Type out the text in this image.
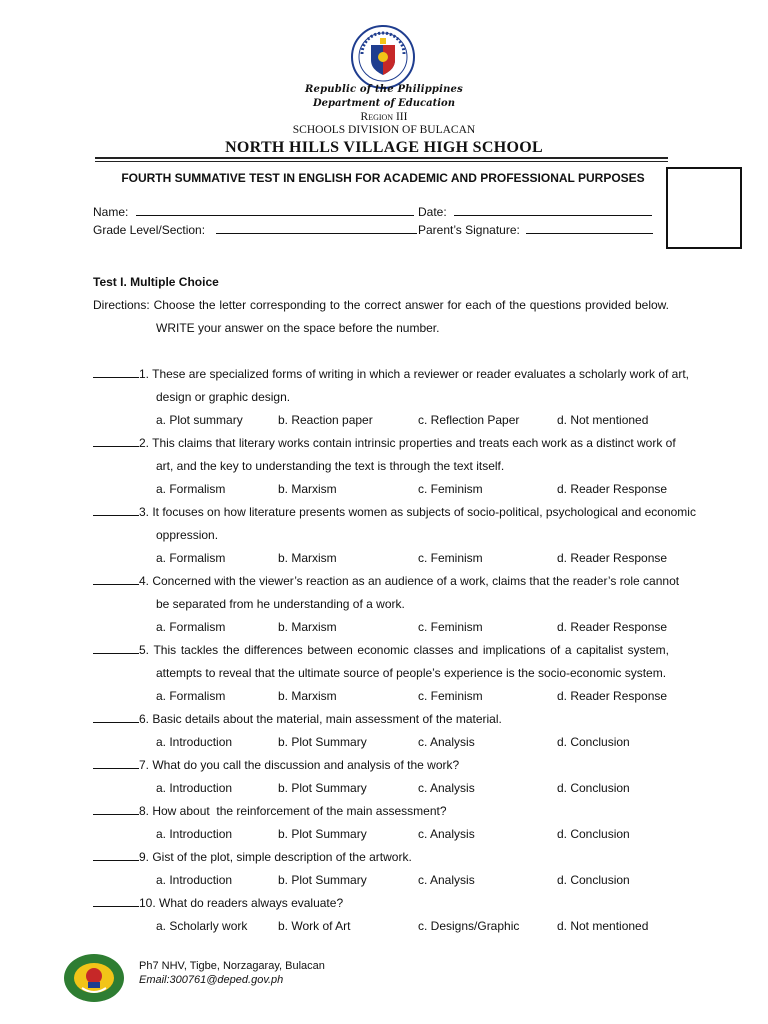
Republic of the Philippines
Department of Education
Region III
SCHOOLS DIVISION OF BULACAN
NORTH HILLS VILLAGE HIGH SCHOOL
FOURTH SUMMATIVE TEST IN ENGLISH FOR ACADEMIC AND PROFESSIONAL PURPOSES
Name:	Date:
Grade Level/Section:	Parent’s Signature:
Test I. Multiple Choice
Directions: Choose the letter corresponding to the correct answer for each of the questions provided below.
WRITE your answer on the space before the number.
1. These are specialized forms of writing in which a reviewer or reader evaluates a scholarly work of art,
design or graphic design.
a. Plot summary	b. Reaction paper	c. Reflection Paper	d. Not mentioned
2. This claims that literary works contain intrinsic properties and treats each work as a distinct work of
art, and the key to understanding the text is through the text itself.
a. Formalism	b. Marxism	c. Feminism	d. Reader Response
3. It focuses on how literature presents women as subjects of socio-political, psychological and economic
oppression.
a. Formalism	b. Marxism	c. Feminism	d. Reader Response
4. Concerned with the viewer’s reaction as an audience of a work, claims that the reader’s role cannot
be separated from he understanding of a work.
a. Formalism	b. Marxism	c. Feminism	d. Reader Response
5. This tackles the differences between economic classes and implications of a capitalist system,
attempts to reveal that the ultimate source of people’s experience is the socio-economic system.
a. Formalism	b. Marxism	c. Feminism	d. Reader Response
6. Basic details about the material, main assessment of the material.
a. Introduction	b. Plot Summary	c. Analysis	d. Conclusion
7. What do you call the discussion and analysis of the work?
a. Introduction	b. Plot Summary	c. Analysis	d. Conclusion
8. How about  the reinforcement of the main assessment?
a. Introduction	b. Plot Summary	c. Analysis	d. Conclusion
9. Gist of the plot, simple description of the artwork.
a. Introduction	b. Plot Summary	c. Analysis	d. Conclusion
10. What do readers always evaluate?
a. Scholarly work	b. Work of Art	c. Designs/Graphic	d. Not mentioned
Ph7 NHV, Tigbe, Norzagaray, Bulacan
Email:300761@deped.gov.ph
